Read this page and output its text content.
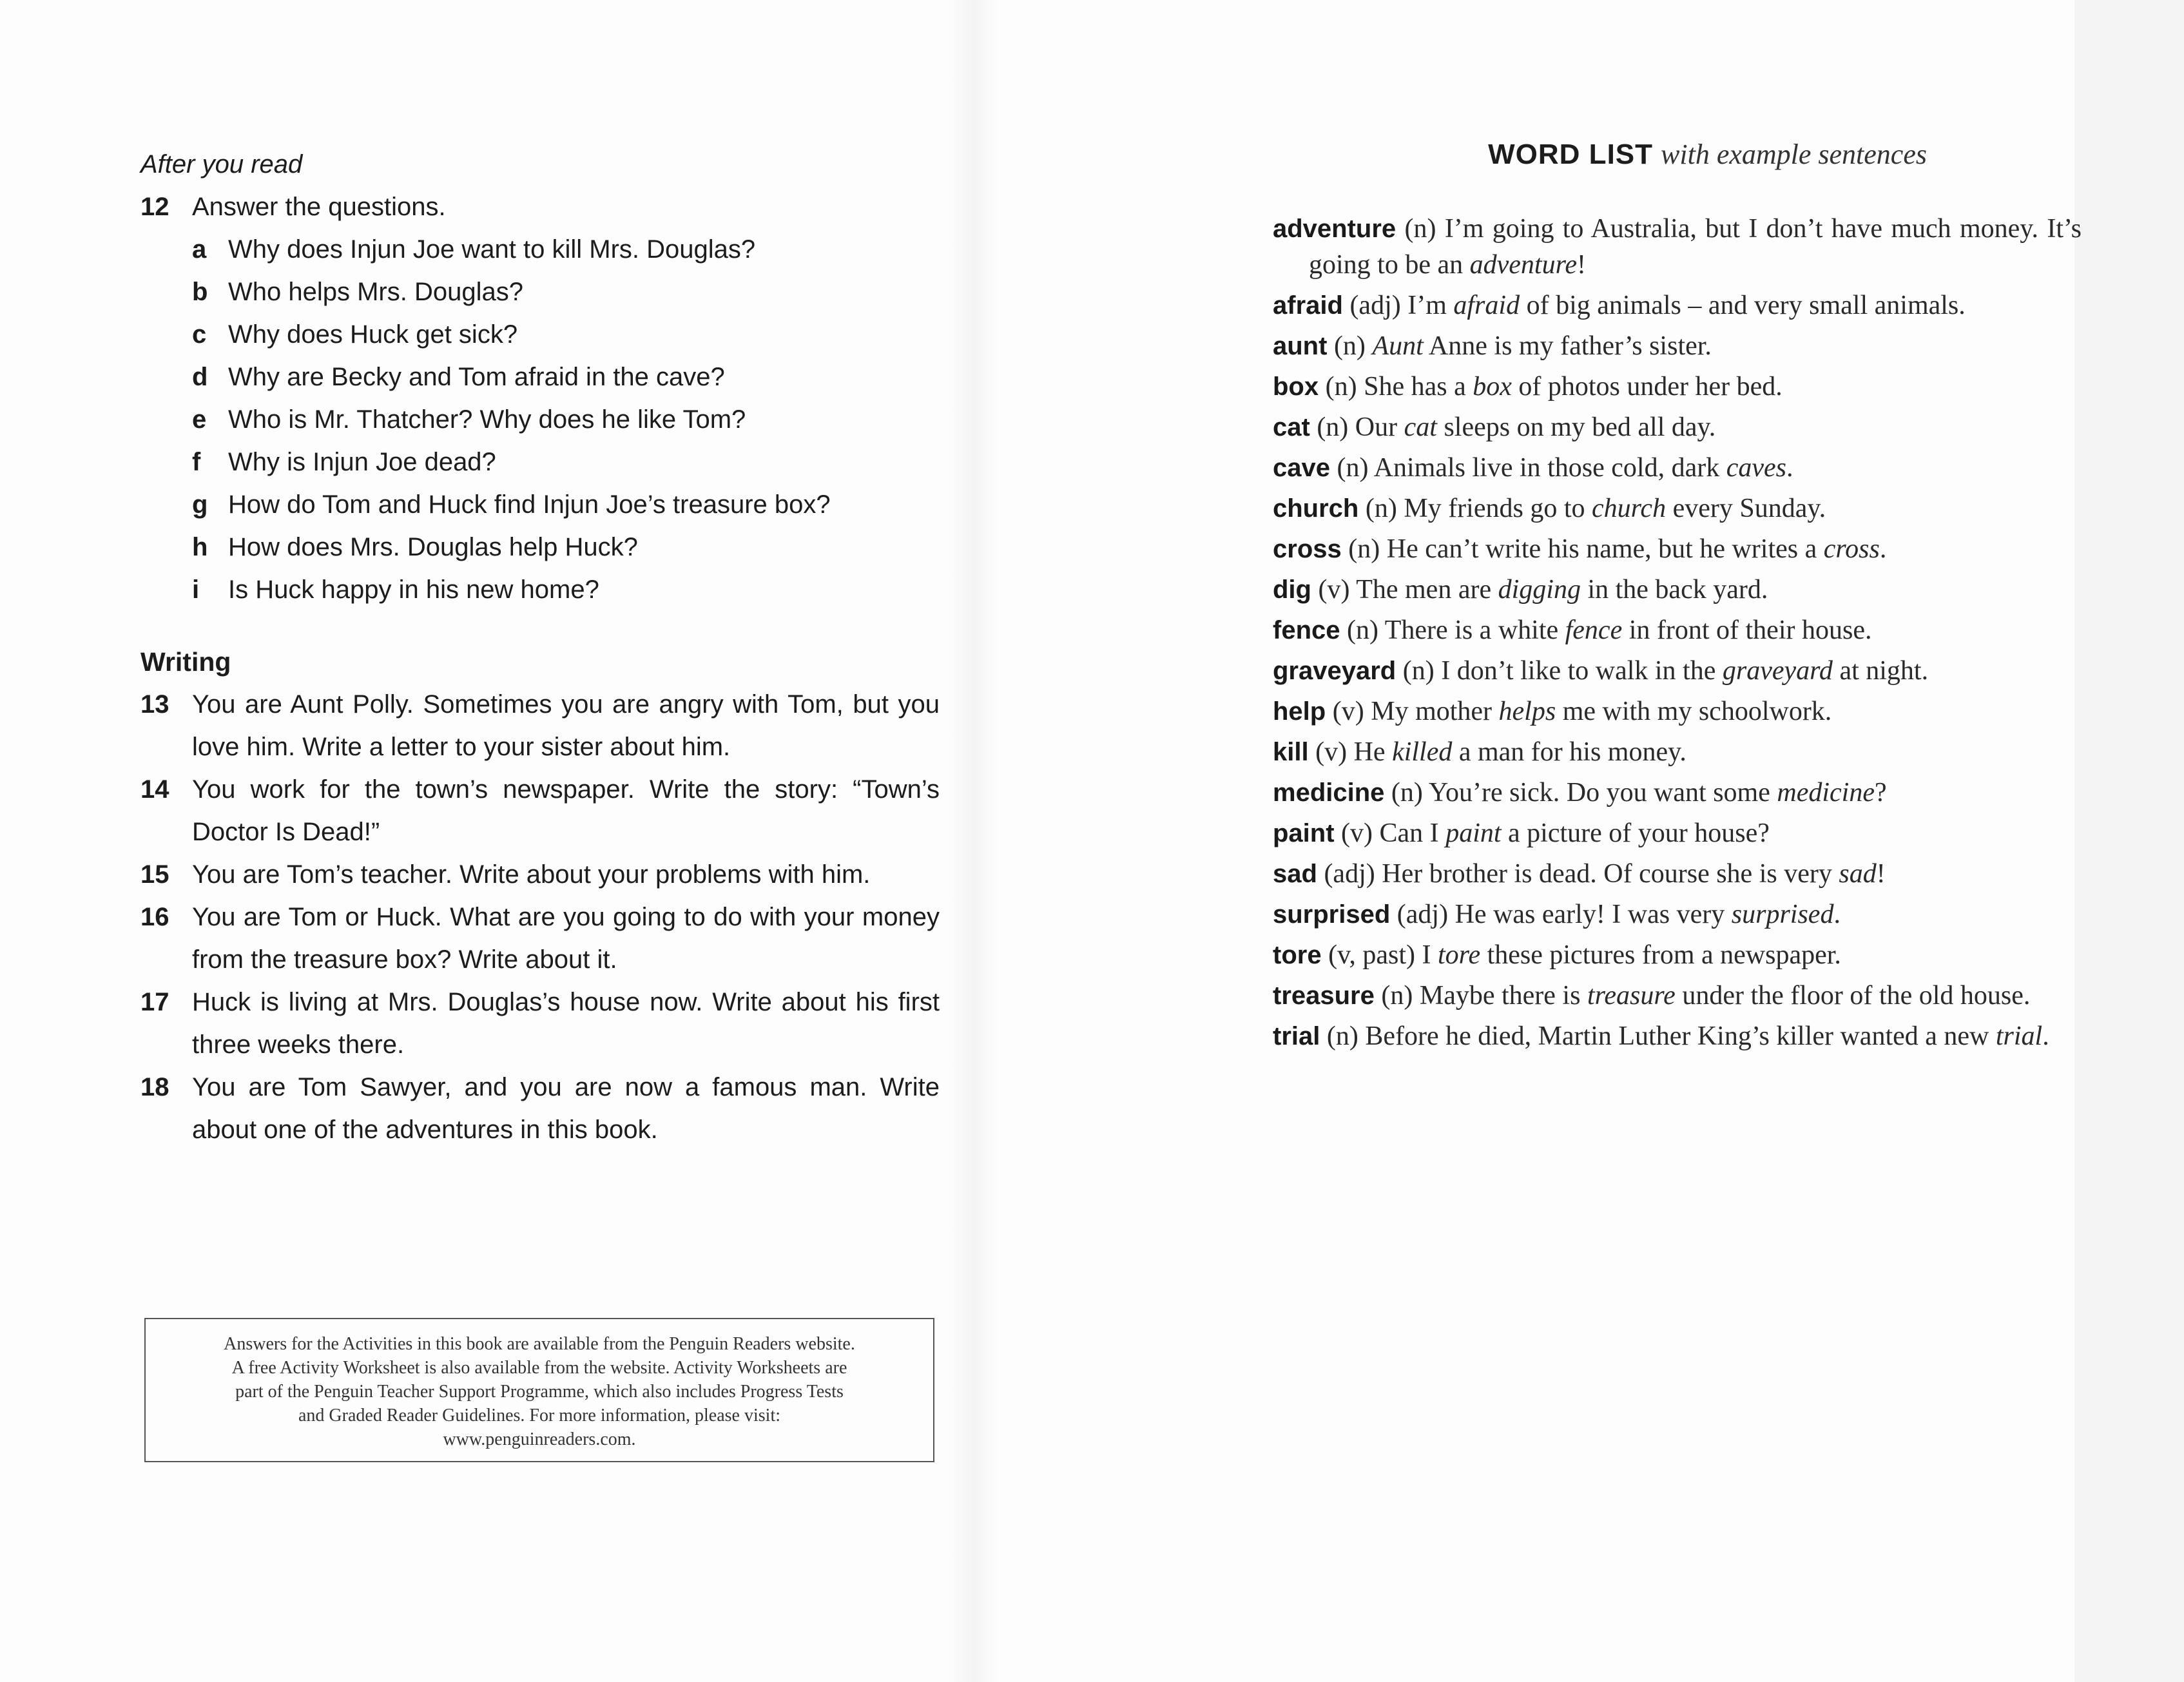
After you read

12 Answer the questions.
a Why does Injun Joe want to kill Mrs. Douglas?
b Who helps Mrs. Douglas?
c Why does Huck get sick?
d Why are Becky and Tom afraid in the cave?
e Who is Mr. Thatcher? Why does he like Tom?
f	Why is Injun Joe dead?
g How do Tom and Huck find Injun Joe’s treasure box?
h How does Mrs. Douglas help Huck?
i	Is Huck happy in his new home?
Writing
13 You are Aunt Polly. Sometimes you are angry with Tom, but you love him. Write a letter to your sister about him.
14 You work for the town’s newspaper. Write the story: “Town’s Doctor Is Dead!”
15 You are Tom’s teacher. Write about your problems with him.
16 You are Tom or Huck. What are you going to do with your money from the treasure box? Write about it.
17 Huck is living at Mrs. Douglas’s house now. Write about his first three weeks there.
18 You are Tom Sawyer, and you are now a famous man. Write about one of the adventures in this book.
Answers for the Activities in this book are available from the Penguin Readers website.
A free Activity Worksheet is also available from the website. Activity Worksheets are
part of the Penguin Teacher Support Programme, which also includes Progress Tests
and Graded Reader Guidelines. For more information, please visit:
www.penguinreaders.com.

WORD LIST with example sentences

adventure (n) I’m going to Australia, but I don’t have much money. It’s going to be an adventure!

afraid (adj) I’m afraid of big animals – and very small animals.

aunt (n) Aunt Anne is my father’s sister.

box (n) She has a box of photos under her bed.

cat (n) Our cat sleeps on my bed all day.

cave (n) Animals live in those cold, dark caves.

church (n) My friends go to church every Sunday.

cross (n) He can’t write his name, but he writes a cross.

dig (v) The men are digging in the back yard.

fence (n) There is a white fence in front of their house.

graveyard (n) I don’t like to walk in the graveyard at night.

help (v) My mother helps me with my schoolwork.

kill (v) He killed a man for his money.

medicine (n) You’re sick. Do you want some medicine?

paint (v) Can I paint a picture of your house?

sad (adj) Her brother is dead. Of course she is very sad!

surprised (adj) He was early! I was very surprised.

tore (v, past) I tore these pictures from a newspaper.

treasure (n) Maybe there is treasure under the floor of the old house.

trial (n) Before he died, Martin Luther King’s killer wanted a new trial.
